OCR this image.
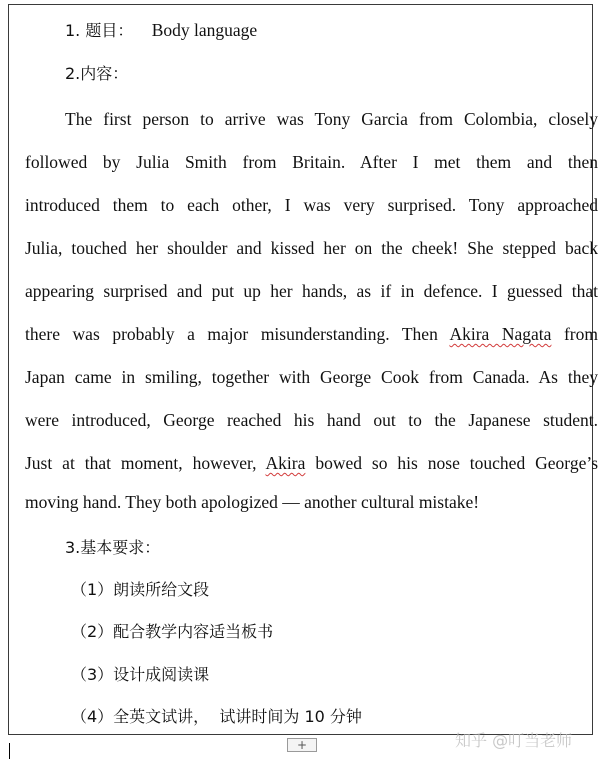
1. 题目： Body language
2.内容：
The first person to arrive was Tony Garcia from Colombia, closely
followed by Julia Smith from Britain. After I met them and then
introduced them to each other, I was very surprised. Tony approached
Julia, touched her shoulder and kissed her on the cheek! She stepped back
appearing surprised and put up her hands, as if in defence. I guessed that
there was probably a major misunderstanding. Then Akira Nagata from
Japan came in smiling, together with George Cook from Canada. As they
were introduced, George reached his hand out to the Japanese student.
Just at that moment, however, Akira bowed so his nose touched George’s
moving hand. They both apologized — another cultural mistake!
3.基本要求：
（1）朗读所给文段
（2）配合教学内容适当板书
（3）设计成阅读课
（4）全英文试讲，  试讲时间为 10 分钟
+	知乎 @叮当老师
